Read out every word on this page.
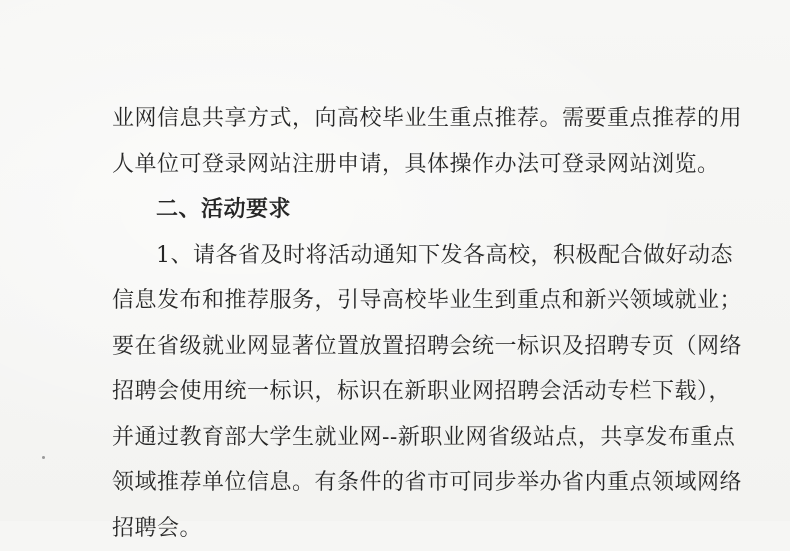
业网信息共享方式，向高校毕业生重点推荐。需要重点推荐的用
人单位可登录网站注册申请，具体操作办法可登录网站浏览。
二、活动要求
1、请各省及时将活动通知下发各高校，积极配合做好动态
信息发布和推荐服务，引导高校毕业生到重点和新兴领域就业；
要在省级就业网显著位置放置招聘会统一标识及招聘专页（网络
招聘会使用统一标识，标识在新职业网招聘会活动专栏下载），
并通过教育部大学生就业网--新职业网省级站点，共享发布重点
领域推荐单位信息。有条件的省市可同步举办省内重点领域网络
招聘会。
